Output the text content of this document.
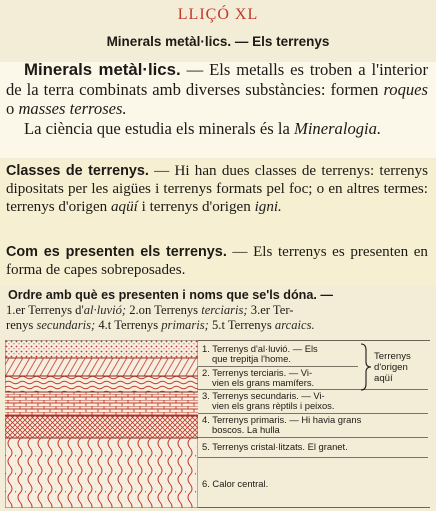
LLIÇÓ XL
Minerals metàl·lics. — Els terrenys
Minerals metàl·lics. — Els metalls es troben a l'interior de la terra combinats amb diverses substàncies: formen roques o masses terroses.
La ciència que estudia els minerals és la Mineralogia.
Classes de terrenys. — Hi han dues classes de terrenys: terrenys dipositats per les aigües i terrenys formats pel foc; o en altres termes: terrenys d'origen aqüí i terrenys d'origen igni.
Com es presenten els terrenys. — Els terrenys es presenten en forma de capes sobreposades.
Ordre amb què es presenten i noms que se'ls dóna. —
1.er Terrenys d'al·luvió; 2.on Terrenys terciaris; 3.er Ter-
renys secundaris; 4.t Terrenys primaris; 5.t Terrenys arcaics.
1. Terrenys d'al·luvió. — Els
que trepitja l'home.
2. Terrenys terciaris. — Vi-
vien els grans mamífers.
Terrenys
d'origen
aqüí
3. Terrenys secundaris. — Vi-
vien els grans rèptils i peixos.
4. Terrenys primaris. — Hi havia grans
boscos. La hulla
5. Terrenys cristal·litzats. El granet.
6. Calor central.
